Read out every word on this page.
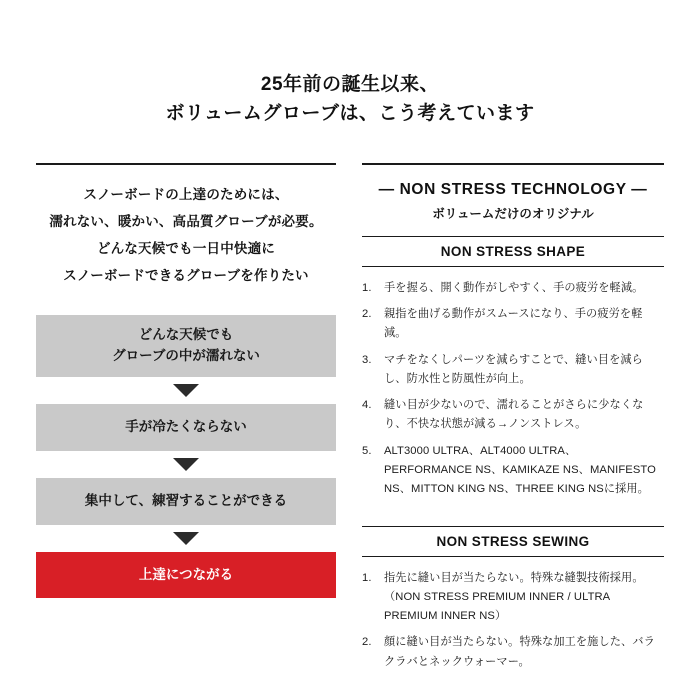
25年前の誕生以来、
ボリュームグローブは、こう考えています
スノーボードの上達のためには、
濡れない、暖かい、高品質グローブが必要。
どんな天候でも一日中快適に
スノーボードできるグローブを作りたい
どんな天候でも
グローブの中が濡れない
手が冷たくならない
集中して、練習することができる
上達につながる
— NON STRESS TECHNOLOGY —
ボリュームだけのオリジナル
NON STRESS SHAPE
手を握る、開く動作がしやすく、手の疲労を軽減。
親指を曲げる動作がスムースになり、手の疲労を軽減。
マチをなくしパーツを減らすことで、縫い目を減らし、防水性と防風性が向上。
縫い目が少ないので、濡れることがさらに少なくなり、不快な状態が減る→ノンストレス。
ALT3000 ULTRA、ALT4000 ULTRA、PERFORMANCE NS、KAMIKAZE NS、MANIFESTO NS、MITTON KING NS、THREE KING NSに採用。
NON STRESS SEWING
指先に縫い目が当たらない。特殊な縫製技術採用。（NON STRESS PREMIUM INNER / ULTRA PREMIUM INNER NS）
顔に縫い目が当たらない。特殊な加工を施した、バラクラバとネックウォーマー。
